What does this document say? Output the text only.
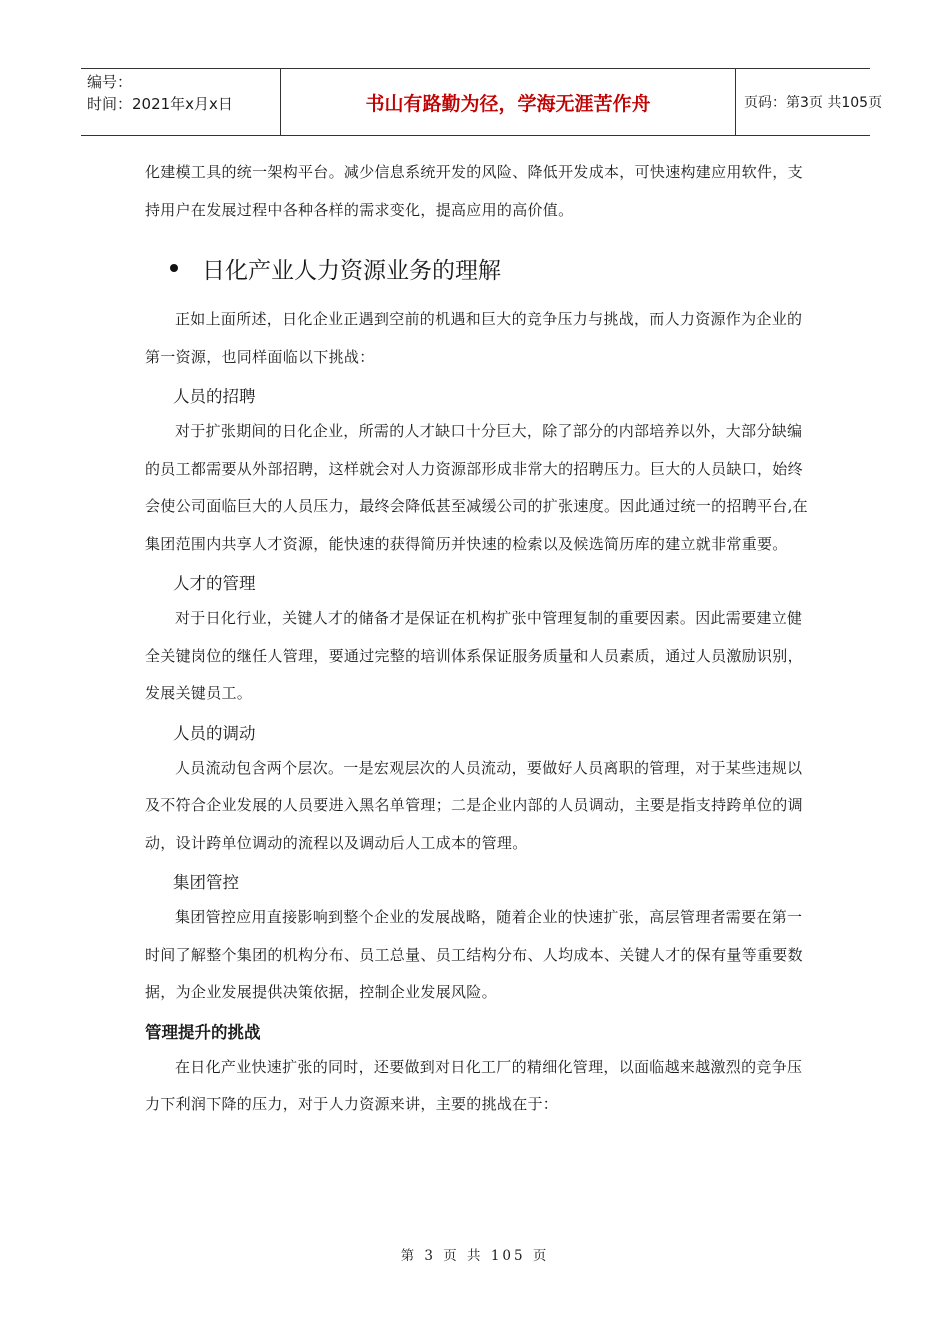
编号：
时间：2021年x月x日	书山有路勤为径，学海无涯苦作舟	页码：第3页 共105页

化建模工具的统一架构平台。减少信息系统开发的风险、降低开发成本，可快速构建应用软件，支持用户在发展过程中各种各样的需求变化，提高应用的高价值。

日化产业人力资源业务的理解

正如上面所述，日化企业正遇到空前的机遇和巨大的竞争压力与挑战，而人力资源作为企业的第一资源，也同样面临以下挑战：

人员的招聘

对于扩张期间的日化企业，所需的人才缺口十分巨大，除了部分的内部培养以外，大部分缺编的员工都需要从外部招聘，这样就会对人力资源部形成非常大的招聘压力。巨大的人员缺口，始终会使公司面临巨大的人员压力，最终会降低甚至减缓公司的扩张速度。因此通过统一的招聘平台,在集团范围内共享人才资源，能快速的获得简历并快速的检索以及候选简历库的建立就非常重要。

人才的管理

对于日化行业，关键人才的储备才是保证在机构扩张中管理复制的重要因素。因此需要建立健全关键岗位的继任人管理，要通过完整的培训体系保证服务质量和人员素质，通过人员激励识别，发展关键员工。

人员的调动

人员流动包含两个层次。一是宏观层次的人员流动，要做好人员离职的管理，对于某些违规以及不符合企业发展的人员要进入黑名单管理；二是企业内部的人员调动，主要是指支持跨单位的调动，设计跨单位调动的流程以及调动后人工成本的管理。

集团管控

集团管控应用直接影响到整个企业的发展战略，随着企业的快速扩张，高层管理者需要在第一时间了解整个集团的机构分布、员工总量、员工结构分布、人均成本、关键人才的保有量等重要数据，为企业发展提供决策依据，控制企业发展风险。

管理提升的挑战

在日化产业快速扩张的同时，还要做到对日化工厂的精细化管理，以面临越来越激烈的竞争压力下利润下降的压力，对于人力资源来讲，主要的挑战在于：

第 3 页 共 105 页
